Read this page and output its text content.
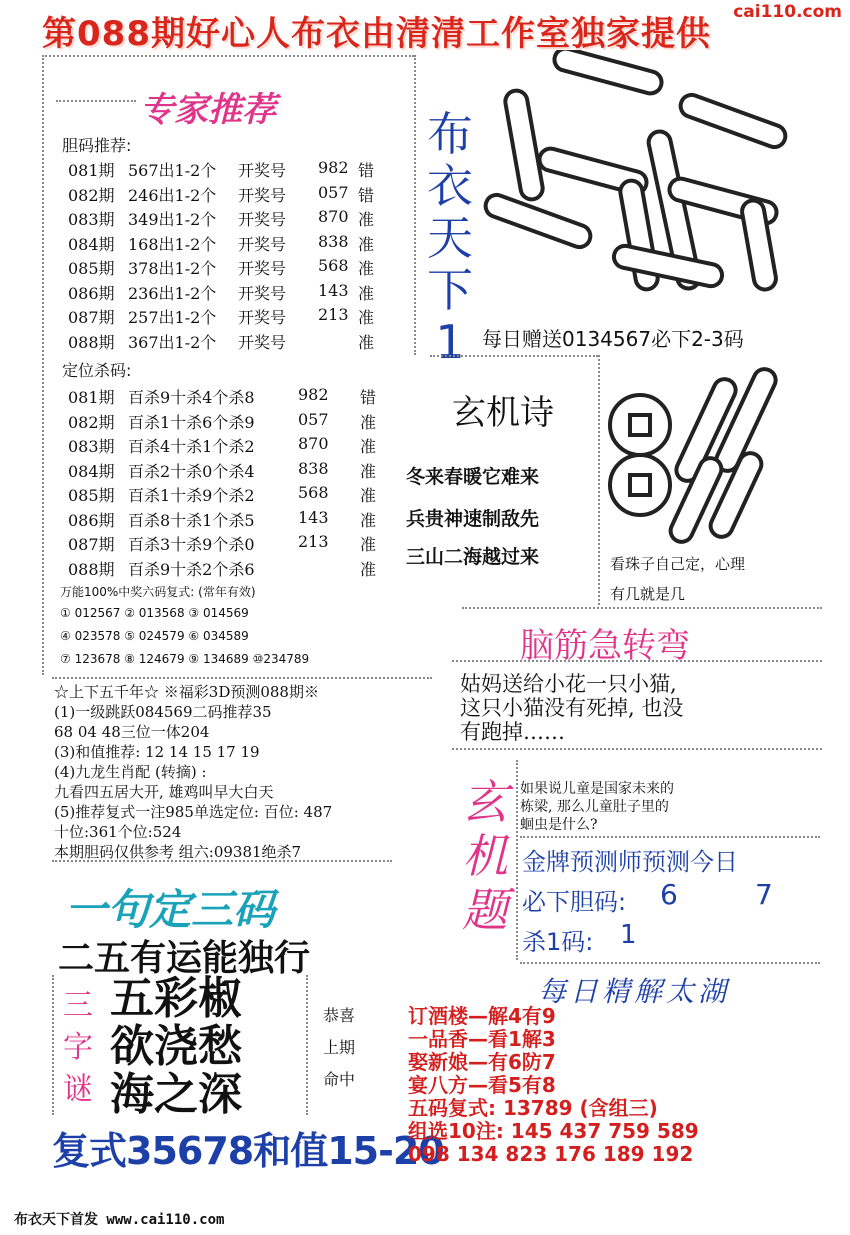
第088期好心人布衣由清清工作室独家提供
cai110.com
专家推荐
胆码推荐:
081期 567出1-2个	开奖号	982 错
082期 246出1-2个	开奖号	057 错
083期 349出1-2个	开奖号	870 准
084期 168出1-2个	开奖号	838 准
085期 378出1-2个	开奖号	568 准
086期 236出1-2个	开奖号	143 准
087期 257出1-2个	开奖号	213 准
088期 367出1-2个	开奖号	准
定位杀码:
081期 百杀9十杀4个杀8	982	错
082期 百杀1十杀6个杀9	057	准
083期 百杀4十杀1个杀2	870	准
084期 百杀2十杀0个杀4	838	准
085期 百杀1十杀9个杀2	568	准
086期 百杀8十杀1个杀5	143	准
087期 百杀3十杀9个杀0	213	准
088期 百杀9十杀2个杀6	准
万能100%中奖六码复式: (常年有效)
① 012567 ② 013568 ③ 014569
④ 023578 ⑤ 024579 ⑥ 034589
⑦ 123678 ⑧ 124679 ⑨ 134689 ⑩234789
布
衣
天
下
1 每日赠送0134567必下2-3码
玄机诗
冬来春暖它难来
兵贵神速制敌先
三山二海越过来	看珠子自己定，心理
有几就是几
脑筋急转弯
姑妈送给小花一只小猫,
这只小猫没有死掉, 也没
有跑掉……
☆上下五千年☆ ※福彩3D预测088期※
(1)一级跳跃084569二码推荐35
68 04 48三位一体204
(3)和值推荐: 12 14 15 17 19
(4)九龙生肖配 (转摘) :
九看四五居大开, 雄鸡叫早大白天
(5)推荐复式一注985单选定位: 百位: 487
十位:361个位:524
本期胆码仅供参考 组六:09381绝杀7
玄
机
题
如果说儿童是国家未来的
栋梁, 那么儿童肚子里的
蛔虫是什么?
金牌预测师预测今日
必下胆码: 6	7
杀1码: 1
一句定三码
二五有运能独行
三
字
谜
五彩椒
欲浇愁
海之深
恭喜
上期
命中
复式35678和值15-20
每日精解太湖
订酒楼—解4有9
一品香—看1解3
娶新娘—有6防7
宴八方—看5有8
五码复式: 13789 (含组三)
组选10注: 145 437 759 589
098 134 823 176 189 192
布衣天下首发 www.cai110.com
